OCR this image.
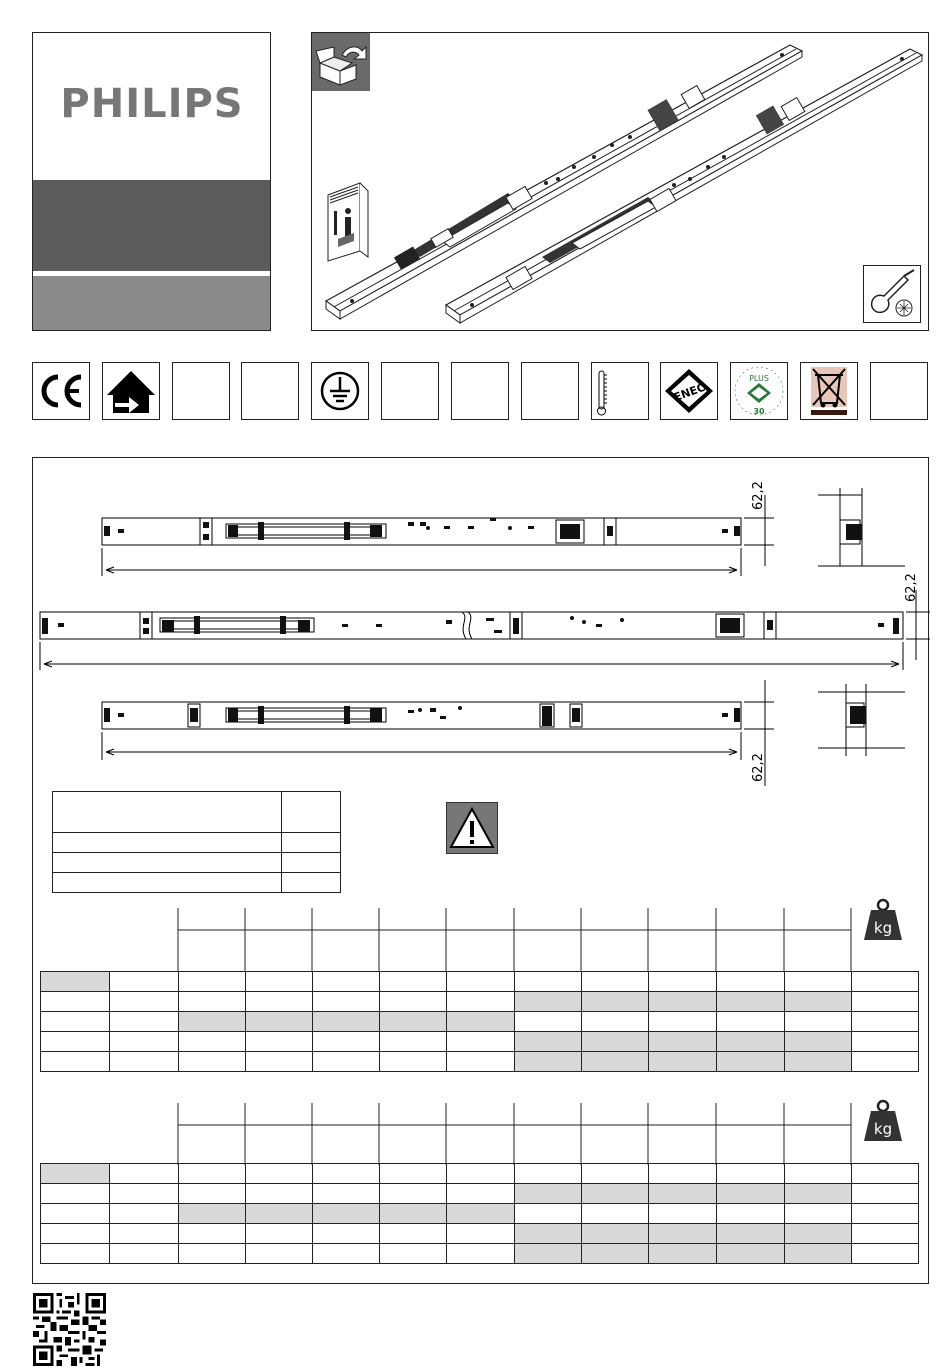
PHILIPS
ENEC
PLUS
30
62,2
62,2
62,2

kg

kg
